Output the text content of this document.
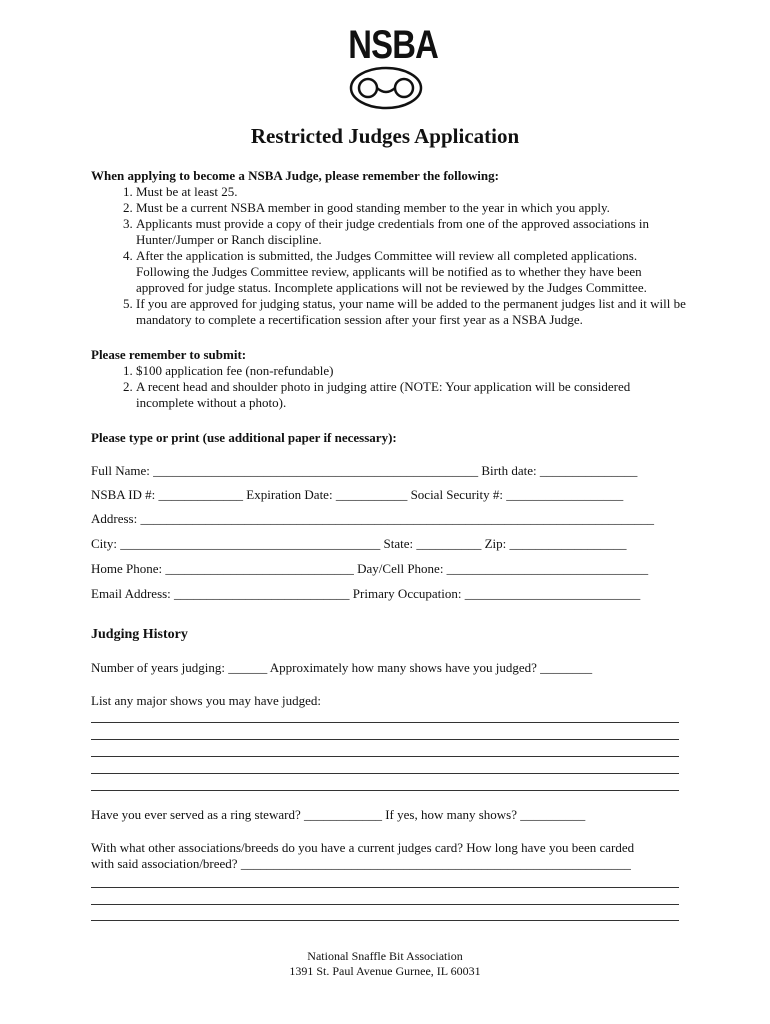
NSBA
Restricted Judges Application
When applying to become a NSBA Judge, please remember the following:
1. Must be at least 25.
2. Must be a current NSBA member in good standing member to the year in which you apply.
3. Applicants must provide a copy of their judge credentials from one of the approved associations in Hunter/Jumper or Ranch discipline.
4. After the application is submitted, the Judges Committee will review all completed applications. Following the Judges Committee review, applicants will be notified as to whether they have been approved for judge status. Incomplete applications will not be reviewed by the Judges Committee.
5. If you are approved for judging status, your name will be added to the permanent judges list and it will be mandatory to complete a recertification session after your first year as a NSBA Judge.
Please remember to submit:
1. $100 application fee (non-refundable)
2. A recent head and shoulder photo in judging attire (NOTE: Your application will be considered incomplete without a photo).
Please type or print (use additional paper if necessary):
Full Name: __________________________________________________ Birth date: _______________
NSBA ID #: _____________ Expiration Date: ___________ Social Security #: __________________
Address: _______________________________________________________________________________
City: ________________________________________ State: __________ Zip: __________________
Home Phone: _____________________________ Day/Cell Phone: _______________________________
Email Address: ___________________________ Primary Occupation: ___________________________
Judging History
Number of years judging: ______ Approximately how many shows have you judged? ________
List any major shows you may have judged:
Have you ever served as a ring steward? ____________ If yes, how many shows? __________
With what other associations/breeds do you have a current judges card? How long have you been carded
with said association/breed? ____________________________________________________________
National Snaffle Bit Association
1391 St. Paul Avenue Gurnee, IL 60031
